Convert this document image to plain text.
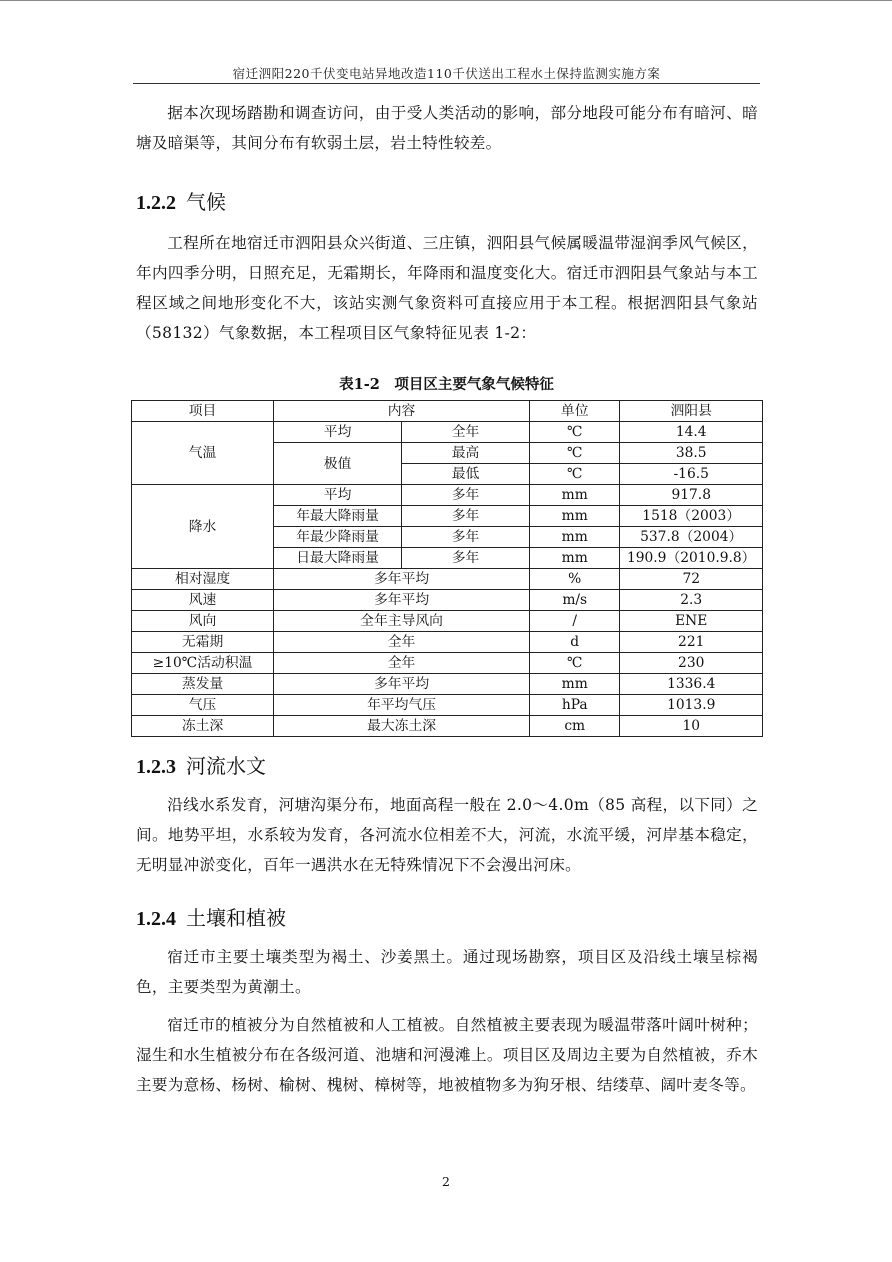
宿迁泗阳220千伏变电站异地改造110千伏送出工程水土保持监测实施方案

据本次现场踏勘和调查访问，由于受人类活动的影响，部分地段可能分布有暗河、暗塘及暗渠等，其间分布有软弱土层，岩土特性较差。

1.2.2 气候

工程所在地宿迁市泗阳县众兴街道、三庄镇，泗阳县气候属暖温带湿润季风气候区，年内四季分明，日照充足，无霜期长，年降雨和温度变化大。宿迁市泗阳县气象站与本工程区域之间地形变化不大，该站实测气象资料可直接应用于本工程。根据泗阳县气象站（58132）气象数据，本工程项目区气象特征见表 1-2：

表1-2　项目区主要气象气候特征
项目	内容		单位	泗阳县
气温	平均	全年	℃	14.4
	极值	最高	℃	38.5
		最低	℃	-16.5
降水	平均	多年	mm	917.8
	年最大降雨量	多年	mm	1518（2003）
	年最少降雨量	多年	mm	537.8（2004）
	日最大降雨量	多年	mm	190.9（2010.9.8）
相对湿度	多年平均		%	72
风速	多年平均		m/s	2.3
风向	全年主导风向		/	ENE
无霜期	全年		d	221
≥10℃活动积温	全年		℃	230
蒸发量	多年平均		mm	1336.4
气压	年平均气压		hPa	1013.9
冻土深	最大冻土深		cm	10
1.2.3 河流水文

沿线水系发育，河塘沟渠分布，地面高程一般在 2.0～4.0m（85 高程，以下同）之间。地势平坦，水系较为发育，各河流水位相差不大，河流，水流平缓，河岸基本稳定，无明显冲淤变化，百年一遇洪水在无特殊情况下不会漫出河床。

1.2.4 土壤和植被

宿迁市主要土壤类型为褐土、沙姜黑土。通过现场勘察，项目区及沿线土壤呈棕褐色，主要类型为黄潮土。

宿迁市的植被分为自然植被和人工植被。自然植被主要表现为暖温带落叶阔叶树种；湿生和水生植被分布在各级河道、池塘和河漫滩上。项目区及周边主要为自然植被，乔木主要为意杨、杨树、榆树、槐树、樟树等，地被植物多为狗牙根、结缕草、阔叶麦冬等。

2
